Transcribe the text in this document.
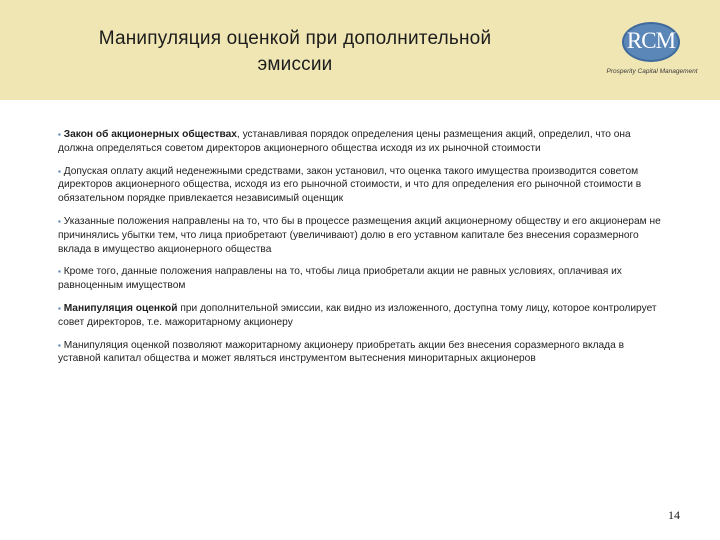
Манипуляция оценкой при дополнительной
эмиссии
RCM
Prosperity Capital Management

▪ Закон об акционерных обществах, устанавливая порядок определения цены размещения акций, определил, что она должна определяться советом директоров акционерного общества исходя из их рыночной стоимости

▪ Допуская оплату акций неденежными средствами, закон установил, что оценка такого имущества производится советом директоров акционерного общества, исходя из его рыночной стоимости, и что для определения его рыночной стоимости в обязательном порядке привлекается независимый оценщик

▪ Указанные положения направлены на то, что бы в процессе размещения акций акционерному обществу и его акционерам не причинялись убытки тем, что лица приобретают (увеличивают) долю в его уставном капитале без внесения соразмерного вклада в имущество акционерного общества

▪ Кроме того, данные положения направлены на то, чтобы лица приобретали акции не равных условиях, оплачивая их равноценным имуществом

▪ Манипуляция оценкой при дополнительной эмиссии, как видно из изложенного, доступна тому лицу, которое контролирует совет директоров, т.е. мажоритарному акционеру

▪ Манипуляция оценкой позволяют мажоритарному акционеру приобретать акции без внесения соразмерного вклада в уставной капитал общества и может являться инструментом вытеснения миноритарных акционеров

14
